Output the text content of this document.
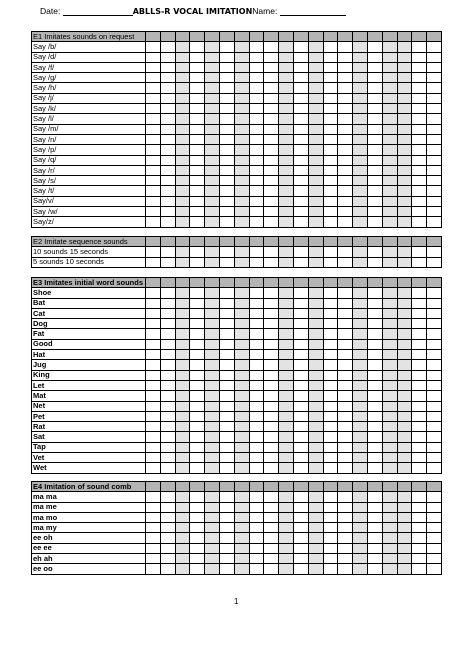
Date:	ABLLS-R VOCAL IMITATIONName:
E1 Imitates sounds on request																				
Say /b/																				
Say /d/																				
Say /f/																				
Say /g/																				
Say /h/																				
Say /j/																				
Say /k/																				
Say /l/																				
Say /m/																				
Say /n/																				
Say /p/																				
Say /q/																				
Say /r/																				
Say /s/																				
Say /t/																				
Say/v/																				
Say /w/																				
Say/z/																				
E2 Imitate sequence sounds																				
10 sounds 15 seconds																				
5 sounds 10 seconds																				
E3 Imitates initial word sounds																				
Shoe																				
Bat																				
Cat																				
Dog																				
Fat																				
Good																				
Hat																				
Jug																				
King																				
Let																				
Mat																				
Net																				
Pet																				
Rat																				
Sat																				
Tap																				
Vet																				
Wet																				
E4 Imitation of sound comb																				
ma ma																				
ma me																				
ma mo																				
ma my																				
ee oh																				
ee ee																				
eh ah																				
ee oo																				
1
